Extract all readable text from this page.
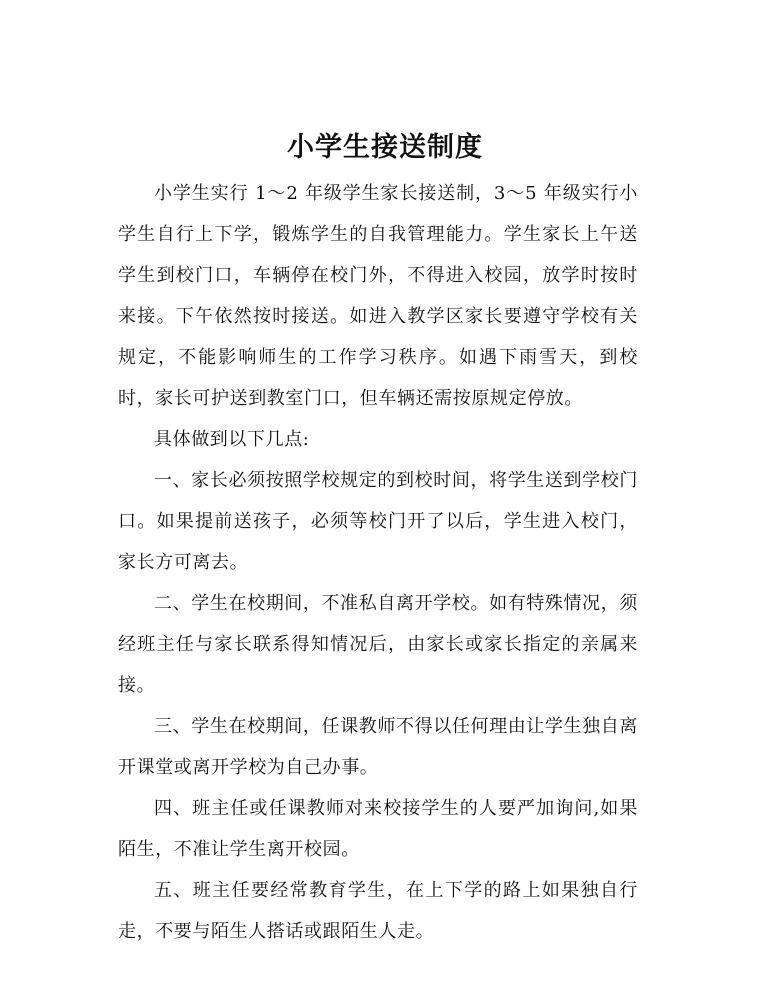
小学生接送制度

小学生实行 1～2 年级学生家长接送制，3～5 年级实行小学生自行上下学，锻炼学生的自我管理能力。学生家长上午送学生到校门口，车辆停在校门外，不得进入校园，放学时按时来接。下午依然按时接送。如进入教学区家长要遵守学校有关规定，不能影响师生的工作学习秩序。如遇下雨雪天，到校时，家长可护送到教室门口，但车辆还需按原规定停放。

具体做到以下几点:

一、家长必须按照学校规定的到校时间，将学生送到学校门口。如果提前送孩子，必须等校门开了以后，学生进入校门，家长方可离去。

二、学生在校期间，不准私自离开学校。如有特殊情况，须经班主任与家长联系得知情况后，由家长或家长指定的亲属来接。

三、学生在校期间，任课教师不得以任何理由让学生独自离开课堂或离开学校为自己办事。

四、班主任或任课教师对来校接学生的人要严加询问,如果陌生，不准让学生离开校园。

五、班主任要经常教育学生，在上下学的路上如果独自行走，不要与陌生人搭话或跟陌生人走。
